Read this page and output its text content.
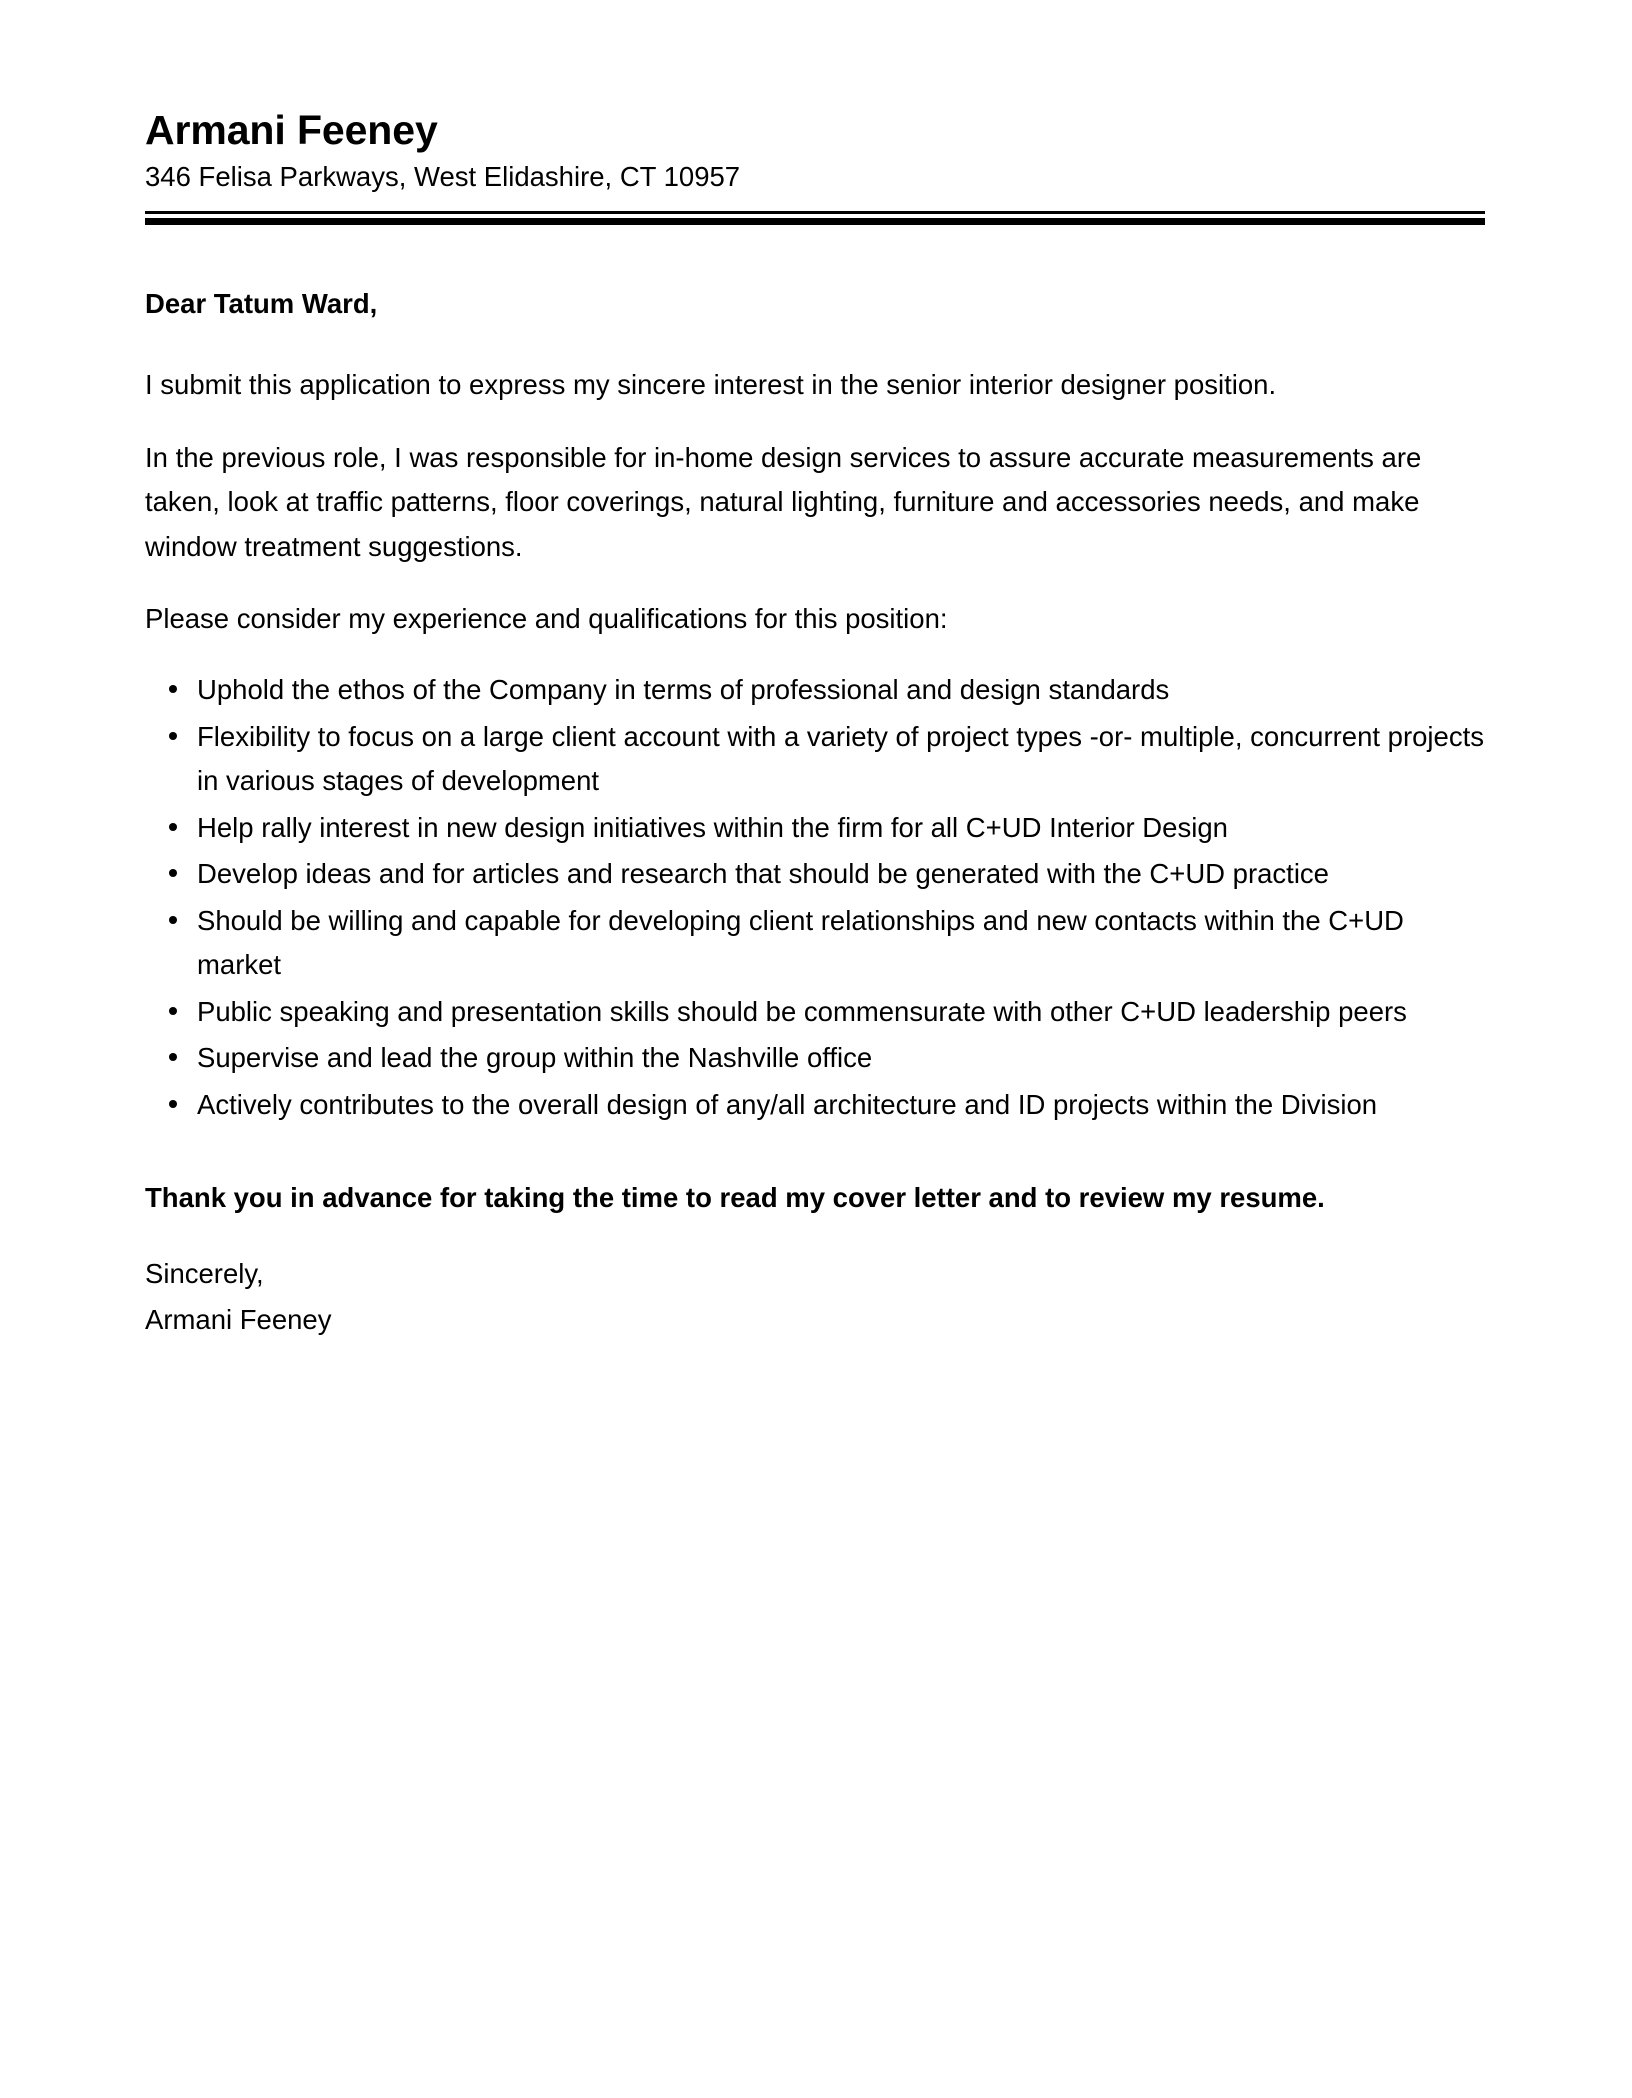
Armani Feeney
346 Felisa Parkways, West Elidashire, CT 10957
Dear Tatum Ward,

I submit this application to express my sincere interest in the senior interior designer position.

In the previous role, I was responsible for in-home design services to assure accurate measurements are taken, look at traffic patterns, floor coverings, natural lighting, furniture and accessories needs, and make window treatment suggestions.

Please consider my experience and qualifications for this position:

Uphold the ethos of the Company in terms of professional and design standards
Flexibility to focus on a large client account with a variety of project types -or- multiple, concurrent projects in various stages of development
Help rally interest in new design initiatives within the firm for all C+UD Interior Design
Develop ideas and for articles and research that should be generated with the C+UD practice
Should be willing and capable for developing client relationships and new contacts within the C+UD market
Public speaking and presentation skills should be commensurate with other C+UD leadership peers
Supervise and lead the group within the Nashville office
Actively contributes to the overall design of any/all architecture and ID projects within the Division
Thank you in advance for taking the time to read my cover letter and to review my resume.
Sincerely,
Armani Feeney
